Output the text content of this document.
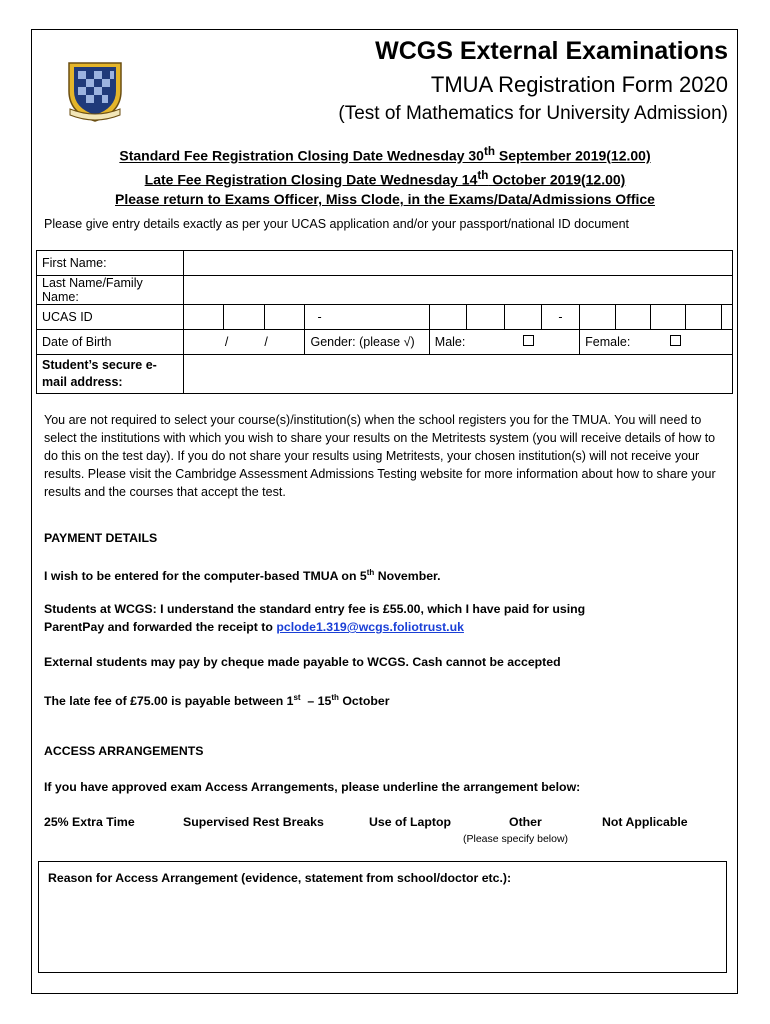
WCGS External Examinations
TMUA Registration Form 2020
(Test of Mathematics for University Admission)
Standard Fee Registration Closing Date Wednesday 30th September 2019(12.00)
Late Fee Registration Closing Date Wednesday 14th October 2019(12.00)
Please return to Exams Officer, Miss Clode, in the Exams/Data/Admissions Office
Please give entry details exactly as per your UCAS application and/or your passport/national ID document
First Name:													
Last Name/Family Name:													
UCAS ID				-				-					
Date of Birth	/ /			Gender: (please √)	Male:				Female:				
Student’s secure e-mail address:													
You are not required to select your course(s)/institution(s) when the school registers you for the TMUA. You will need to select the institutions with which you wish to share your results on the Metritests system (you will receive details of how to do this on the test day). If you do not share your results using Metritests, your chosen institution(s) will not receive your results. Please visit the Cambridge Assessment Admissions Testing website for more information about how to share your results and the courses that accept the test.
PAYMENT DETAILS
I wish to be entered for the computer-based TMUA on 5th November.
Students at WCGS: I understand the standard entry fee is £55.00, which I have paid for using
ParentPay and forwarded the receipt to pclode1.319@wcgs.foliotrust.uk
External students may pay by cheque made payable to WCGS. Cash cannot be accepted
The late fee of £75.00 is payable between 1st  – 15th October
ACCESS ARRANGEMENTS
If you have approved exam Access Arrangements, please underline the arrangement below:
25% Extra Time	Supervised Rest Breaks	Use of Laptop	Other	Not Applicable
(Please specify below)
Reason for Access Arrangement (evidence, statement from school/doctor etc.):
